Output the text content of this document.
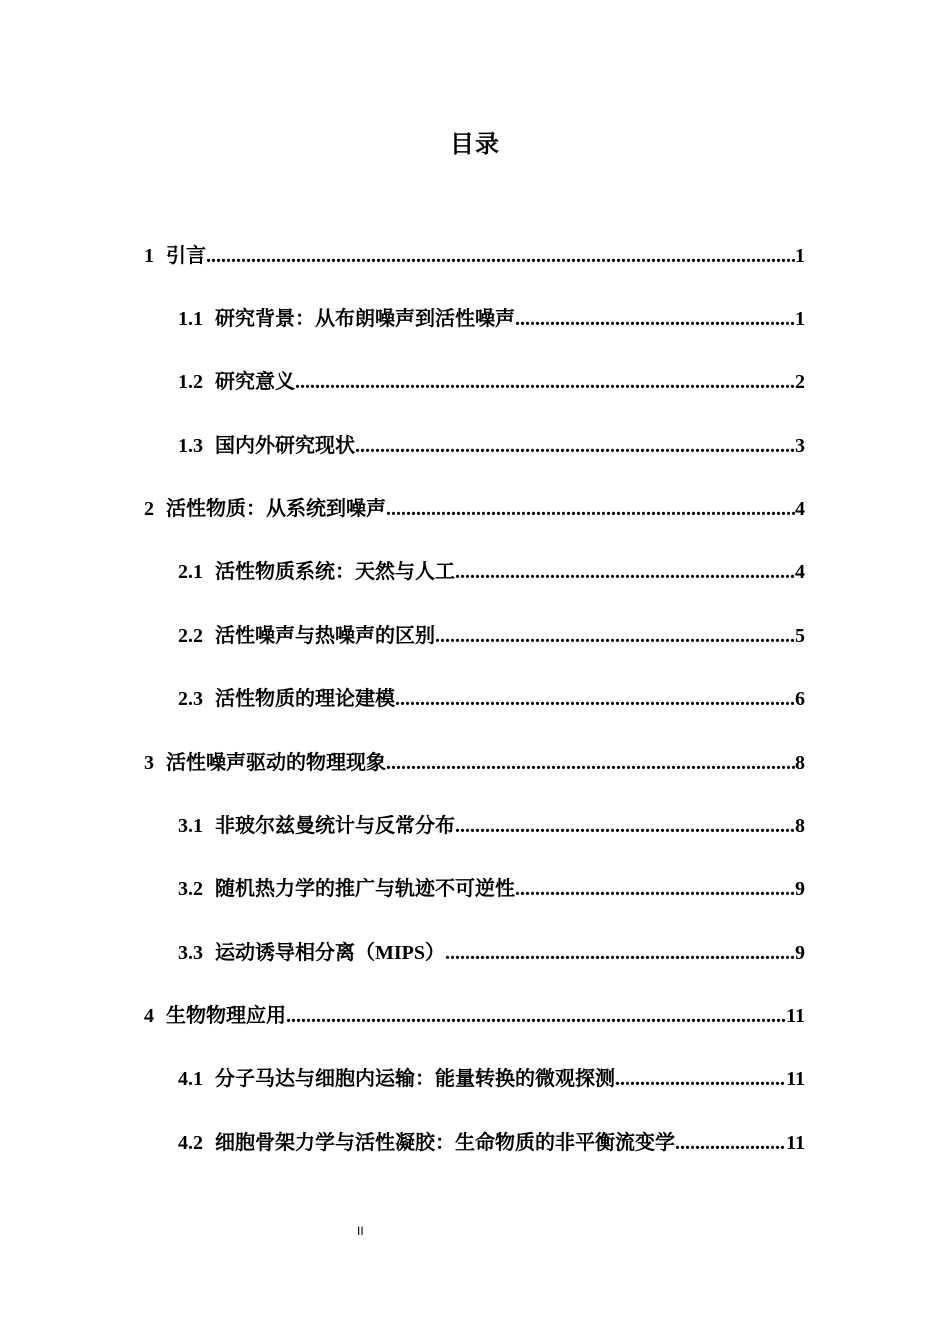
目录
1 引言 .....	1
1.1 研究背景：从布朗噪声到活性噪声 .....	1
1.2 研究意义 .....	2
1.3 国内外研究现状 .....	3
2 活性物质：从系统到噪声 .....	4
2.1 活性物质系统：天然与人工 .....	4
2.2 活性噪声与热噪声的区别 .....	5
2.3 活性物质的理论建模 .....	6
3 活性噪声驱动的物理现象 .....	8
3.1 非玻尔兹曼统计与反常分布 .....	8
3.2 随机热力学的推广与轨迹不可逆性 .....	9
3.3 运动诱导相分离（MIPS） .....	9
4 生物物理应用 .....	11
4.1 分子马达与细胞内运输：能量转换的微观探测 .....	11
4.2 细胞骨架力学与活性凝胶：生命物质的非平衡流变学 .....	11
II
